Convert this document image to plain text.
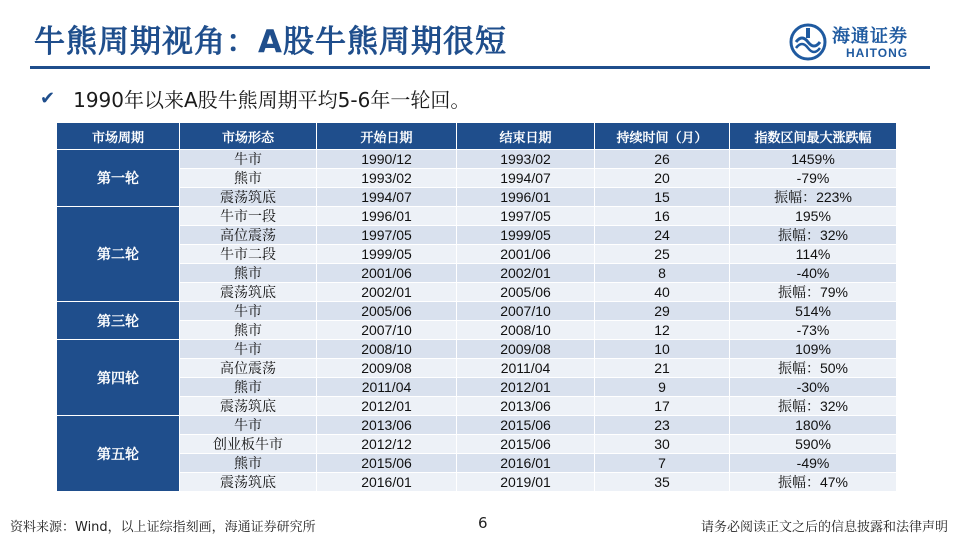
牛熊周期视角：A股牛熊周期很短	海通证券
HAITONG
✔ 1990年以来A股牛熊周期平均5-6年一轮回。
市场周期	市场形态	开始日期	结束日期	持续时间（月）	指数区间最大涨跌幅
第一轮	牛市	1990/12	1993/02	26	1459%
	熊市	1993/02	1994/07	20	-79%
	震荡筑底	1994/07	1996/01	15	振幅：223%
第二轮	牛市一段	1996/01	1997/05	16	195%
	高位震荡	1997/05	1999/05	24	振幅：32%
	牛市二段	1999/05	2001/06	25	114%
	熊市	2001/06	2002/01	8	-40%
	震荡筑底	2002/01	2005/06	40	振幅：79%
第三轮	牛市	2005/06	2007/10	29	514%
	熊市	2007/10	2008/10	12	-73%
第四轮	牛市	2008/10	2009/08	10	109%
	高位震荡	2009/08	2011/04	21	振幅：50%
	熊市	2011/04	2012/01	9	-30%
	震荡筑底	2012/01	2013/06	17	振幅：32%
第五轮	牛市	2013/06	2015/06	23	180%
	创业板牛市	2012/12	2015/06	30	590%
	熊市	2015/06	2016/01	7	-49%
	震荡筑底	2016/01	2019/01	35	振幅：47%
资料来源：Wind，以上证综指刻画，海通证券研究所	6	请务必阅读正文之后的信息披露和法律声明
